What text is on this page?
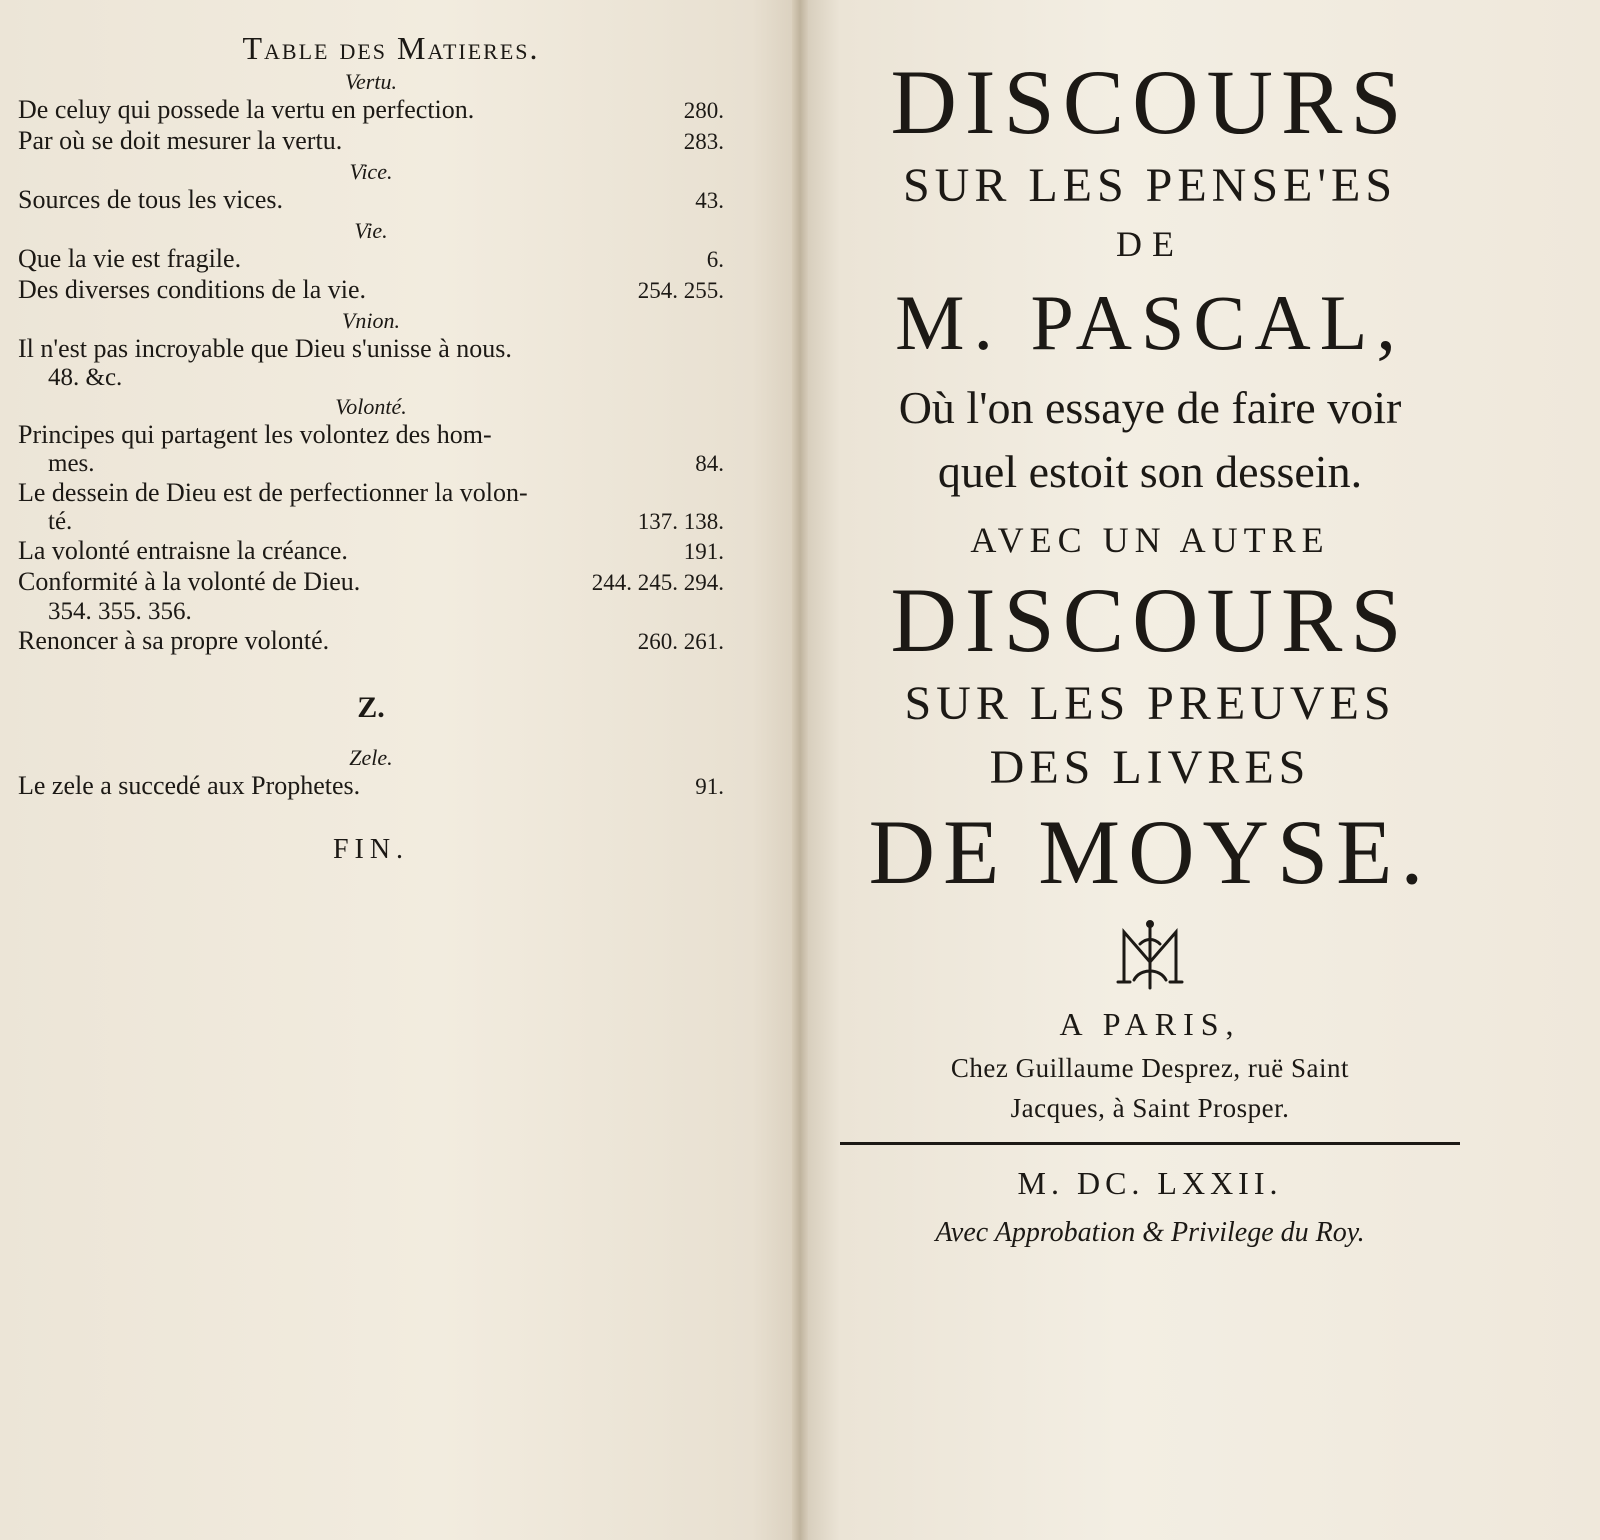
Table des Matieres.
Vertu.
De celuy qui possede la vertu en perfection.	280.
Par où se doit mesurer la vertu.	283.
Vice.
Sources de tous les vices.	43.
Vie.
Que la vie est fragile.	6.
Des diverses conditions de la vie.	254. 255.
Vnion.
Il n'est pas incroyable que Dieu s'unisse à nous.
48. &c.
Volonté.
Principes qui partagent les volontez des hom-
mes.	84.
Le dessein de Dieu est de perfectionner la volon-
té.	137. 138.
La volonté entraisne la créance.	191.
Conformité à la volonté de Dieu.	244. 245. 294.
354. 355. 356.
Renoncer à sa propre volonté.	260. 261.
Z.
Zele.
Le zele a succedé aux Prophetes.	91.
FIN.
DISCOURS
SUR LES PENSE'ES
DE
M. PASCAL,
Où l'on essaye de faire voir
quel estoit son dessein.
AVEC UN AUTRE
DISCOURS
SUR LES PREUVES
DES LIVRES
DE MOYSE.
A PARIS,
Chez Guillaume Desprez, ruë Saint
Jacques, à Saint Prosper.
M. DC. LXXII.
Avec Approbation & Privilege du Roy.
